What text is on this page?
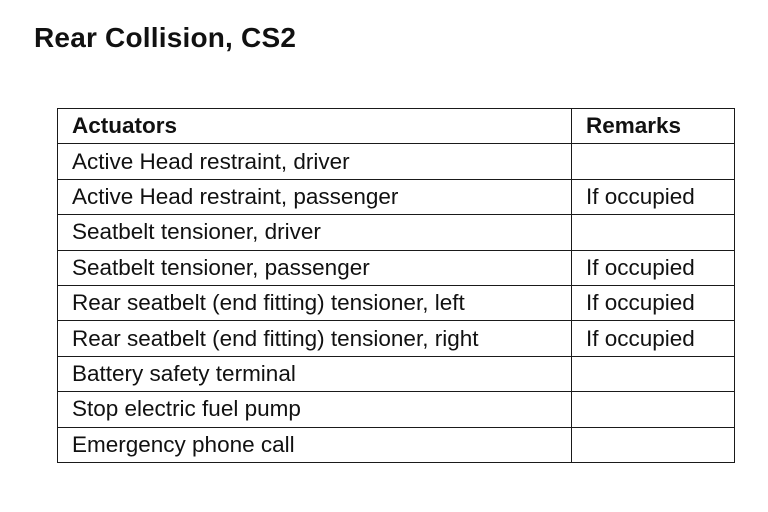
Rear Collision, CS2
Actuators	Remarks
Active Head restraint, driver	
Active Head restraint, passenger	If occupied
Seatbelt tensioner, driver	
Seatbelt tensioner, passenger	If occupied
Rear seatbelt (end fitting) tensioner, left	If occupied
Rear seatbelt (end fitting) tensioner, right	If occupied
Battery safety terminal	
Stop electric fuel pump	
Emergency phone call	
